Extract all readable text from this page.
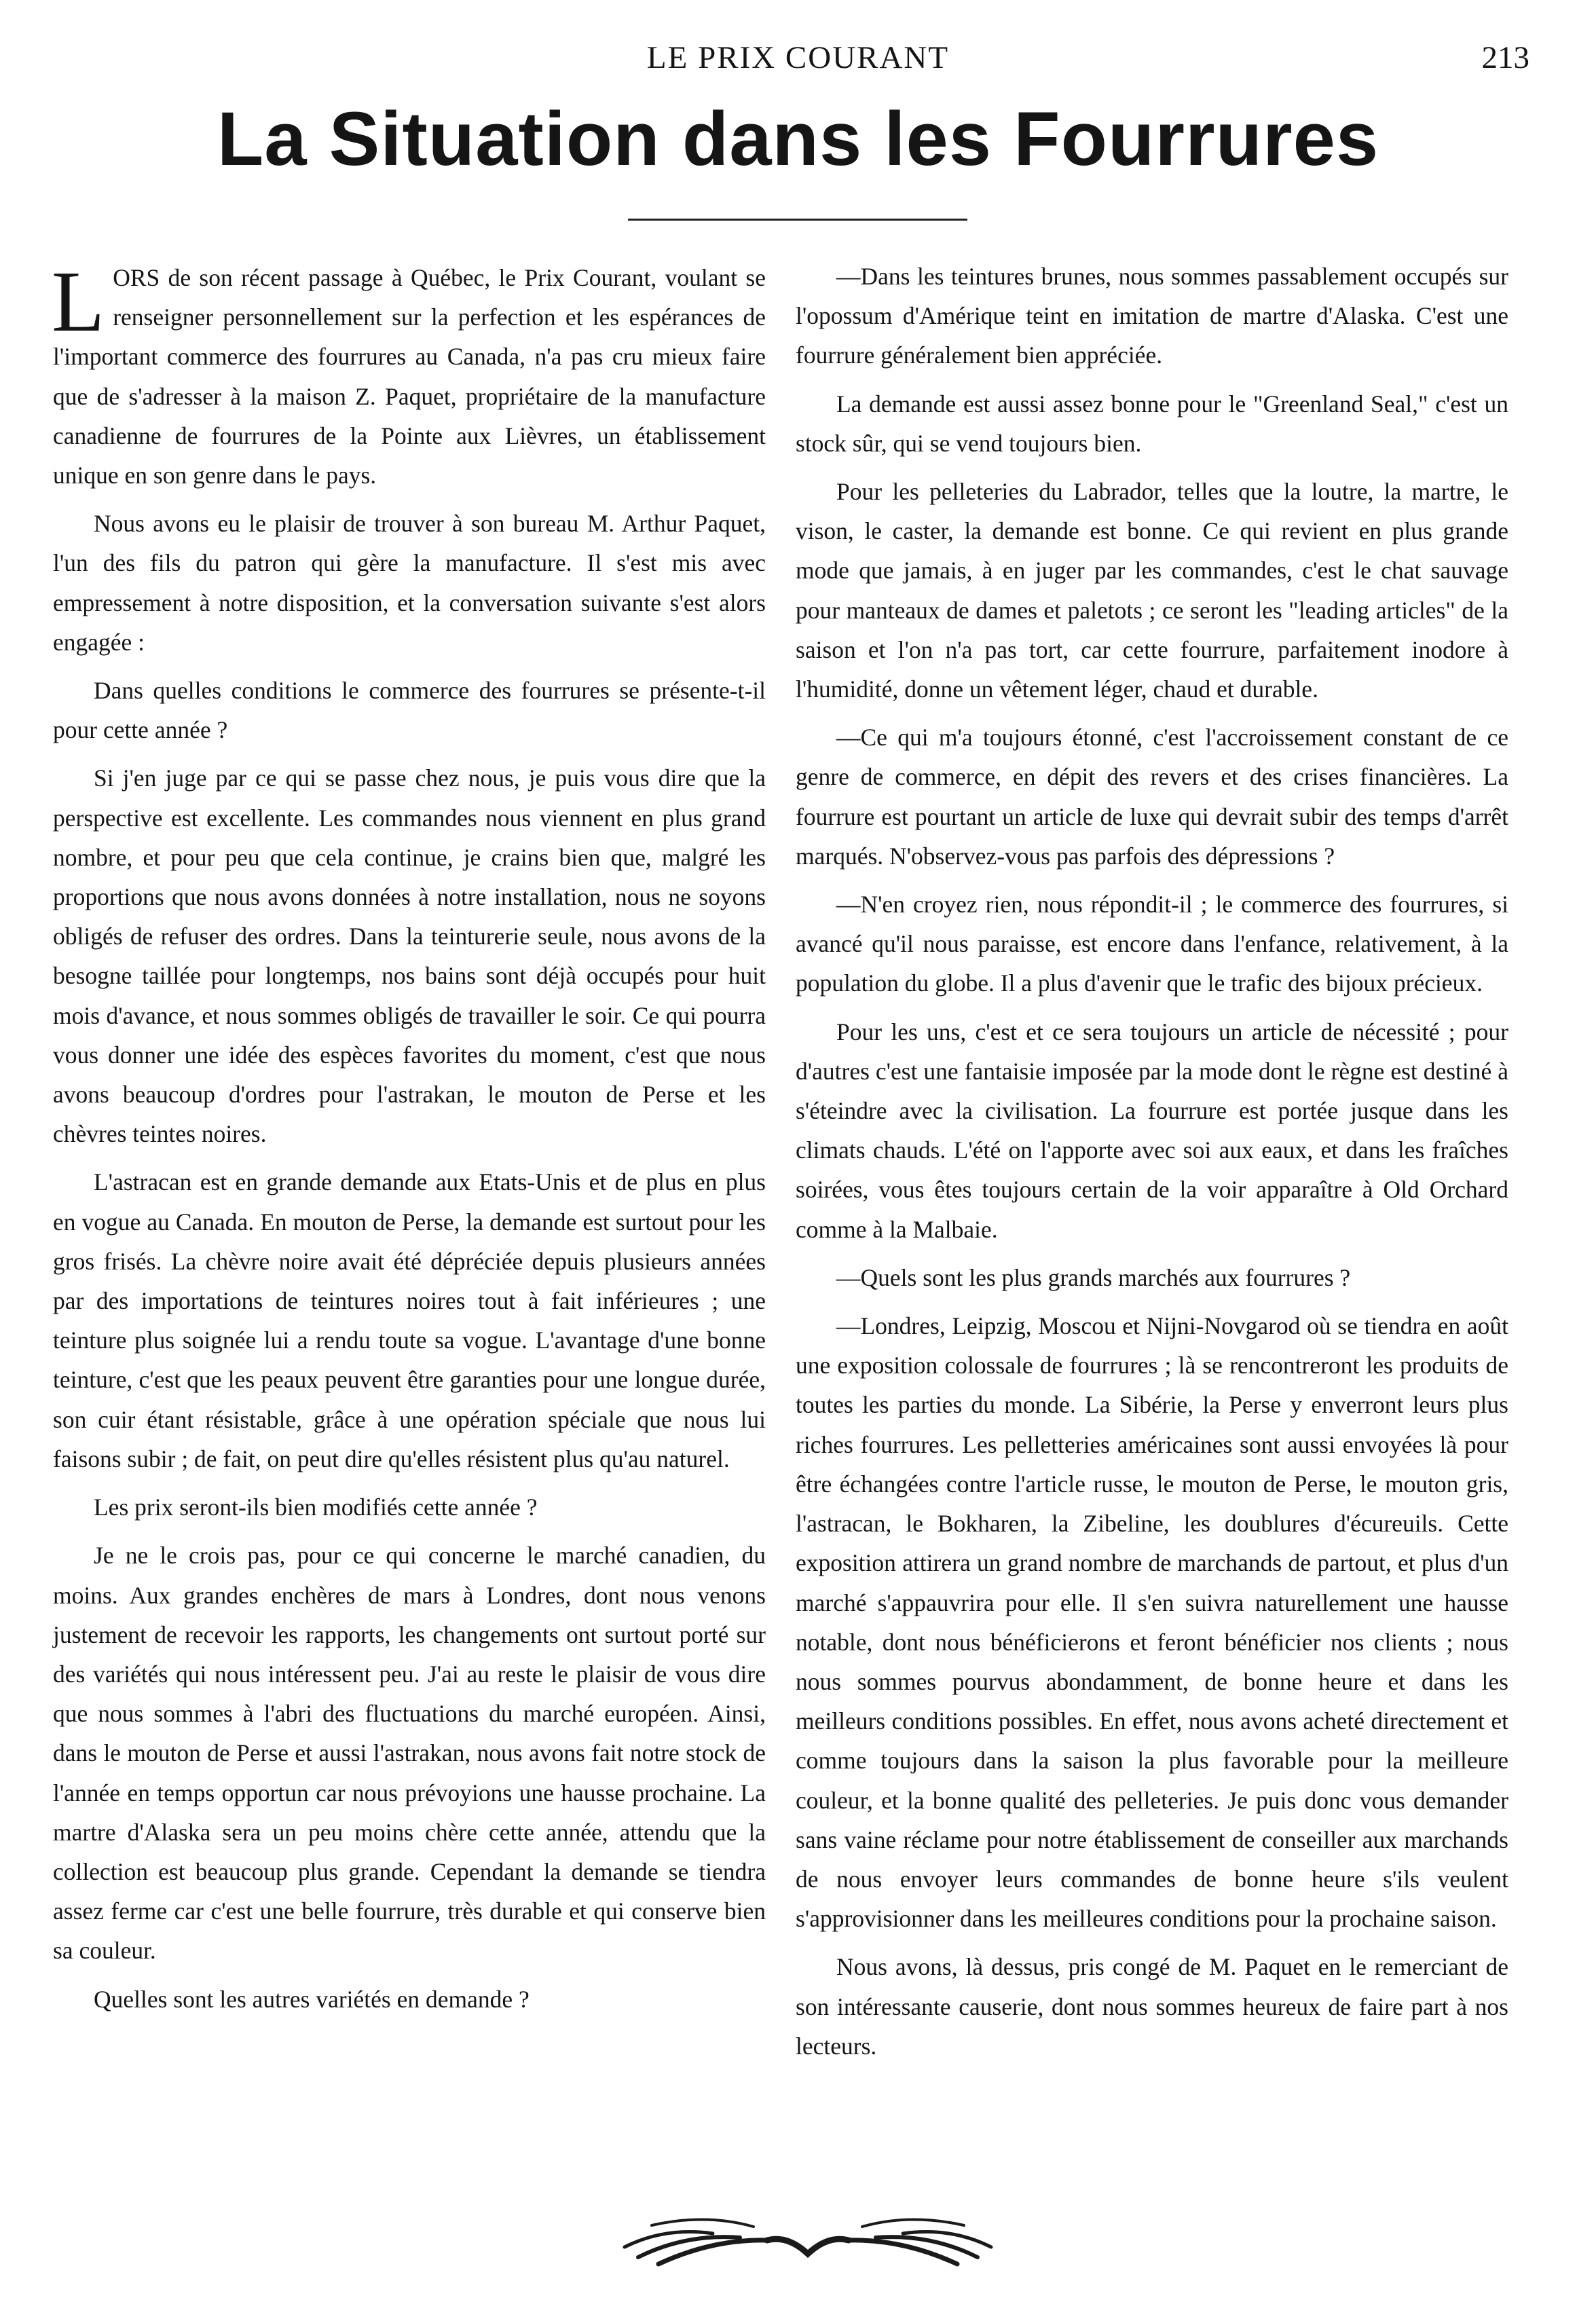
LE PRIX COURANT	213
La Situation dans les Fourrures

LORS de son récent passage à Québec, le Prix Courant, voulant se renseigner personnellement sur la perfection et les espérances de l'important commerce des fourrures au Canada, n'a pas cru mieux faire que de s'adresser à la maison Z. Paquet, propriétaire de la manufacture canadienne de fourrures de la Pointe aux Lièvres, un établissement unique en son genre dans le pays.

Nous avons eu le plaisir de trouver à son bureau M. Arthur Paquet, l'un des fils du patron qui gère la manufacture. Il s'est mis avec empressement à notre disposition, et la conversation suivante s'est alors engagée :

Dans quelles conditions le commerce des fourrures se présente-t-il pour cette année ?

Si j'en juge par ce qui se passe chez nous, je puis vous dire que la perspective est excellente. Les commandes nous viennent en plus grand nombre, et pour peu que cela continue, je crains bien que, malgré les proportions que nous avons données à notre installation, nous ne soyons obligés de refuser des ordres. Dans la teinturerie seule, nous avons de la besogne taillée pour longtemps, nos bains sont déjà occupés pour huit mois d'avance, et nous sommes obligés de travailler le soir. Ce qui pourra vous donner une idée des espèces favorites du moment, c'est que nous avons beaucoup d'ordres pour l'astrakan, le mouton de Perse et les chèvres teintes noires.

L'astracan est en grande demande aux Etats-Unis et de plus en plus en vogue au Canada. En mouton de Perse, la demande est surtout pour les gros frisés. La chèvre noire avait été dépréciée depuis plusieurs années par des importations de teintures noires tout à fait inférieures ; une teinture plus soignée lui a rendu toute sa vogue. L'avantage d'une bonne teinture, c'est que les peaux peuvent être garanties pour une longue durée, son cuir étant résistable, grâce à une opération spéciale que nous lui faisons subir ; de fait, on peut dire qu'elles résistent plus qu'au naturel.

Les prix seront-ils bien modifiés cette année ?

Je ne le crois pas, pour ce qui concerne le marché canadien, du moins. Aux grandes enchères de mars à Londres, dont nous venons justement de recevoir les rapports, les changements ont surtout porté sur des variétés qui nous intéressent peu. J'ai au reste le plaisir de vous dire que nous sommes à l'abri des fluctuations du marché européen. Ainsi, dans le mouton de Perse et aussi l'astrakan, nous avons fait notre stock de l'année en temps opportun car nous prévoyions une hausse prochaine. La martre d'Alaska sera un peu moins chère cette année, attendu que la collection est beaucoup plus grande. Cependant la demande se tiendra assez ferme car c'est une belle fourrure, très durable et qui conserve bien sa couleur.

Quelles sont les autres variétés en demande ?

—Dans les teintures brunes, nous sommes passablement occupés sur l'opossum d'Amérique teint en imitation de martre d'Alaska. C'est une fourrure généralement bien appréciée.

La demande est aussi assez bonne pour le "Greenland Seal," c'est un stock sûr, qui se vend toujours bien.

Pour les pelleteries du Labrador, telles que la loutre, la martre, le vison, le caster, la demande est bonne. Ce qui revient en plus grande mode que jamais, à en juger par les commandes, c'est le chat sauvage pour manteaux de dames et paletots ; ce seront les "leading articles" de la saison et l'on n'a pas tort, car cette fourrure, parfaitement inodore à l'humidité, donne un vêtement léger, chaud et durable.

—Ce qui m'a toujours étonné, c'est l'accroissement constant de ce genre de commerce, en dépit des revers et des crises financières. La fourrure est pourtant un article de luxe qui devrait subir des temps d'arrêt marqués. N'observez-vous pas parfois des dépressions ?

—N'en croyez rien, nous répondit-il ; le commerce des fourrures, si avancé qu'il nous paraisse, est encore dans l'enfance, relativement, à la population du globe. Il a plus d'avenir que le trafic des bijoux précieux.

Pour les uns, c'est et ce sera toujours un article de nécessité ; pour d'autres c'est une fantaisie imposée par la mode dont le règne est destiné à s'éteindre avec la civilisation. La fourrure est portée jusque dans les climats chauds. L'été on l'apporte avec soi aux eaux, et dans les fraîches soirées, vous êtes toujours certain de la voir apparaître à Old Orchard comme à la Malbaie.

—Quels sont les plus grands marchés aux fourrures ?

—Londres, Leipzig, Moscou et Nijni-Novgarod où se tiendra en août une exposition colossale de fourrures ; là se rencontreront les produits de toutes les parties du monde. La Sibérie, la Perse y enverront leurs plus riches fourrures. Les pelletteries américaines sont aussi envoyées là pour être échangées contre l'article russe, le mouton de Perse, le mouton gris, l'astracan, le Bokharen, la Zibeline, les doublures d'écureuils. Cette exposition attirera un grand nombre de marchands de partout, et plus d'un marché s'appauvrira pour elle. Il s'en suivra naturellement une hausse notable, dont nous bénéficierons et feront bénéficier nos clients ; nous nous sommes pourvus abondamment, de bonne heure et dans les meilleurs conditions possibles. En effet, nous avons acheté directement et comme toujours dans la saison la plus favorable pour la meilleure couleur, et la bonne qualité des pelleteries. Je puis donc vous demander sans vaine réclame pour notre établissement de conseiller aux marchands de nous envoyer leurs commandes de bonne heure s'ils veulent s'approvisionner dans les meilleures conditions pour la prochaine saison.

Nous avons, là dessus, pris congé de M. Paquet en le remerciant de son intéressante causerie, dont nous sommes heureux de faire part à nos lecteurs.
